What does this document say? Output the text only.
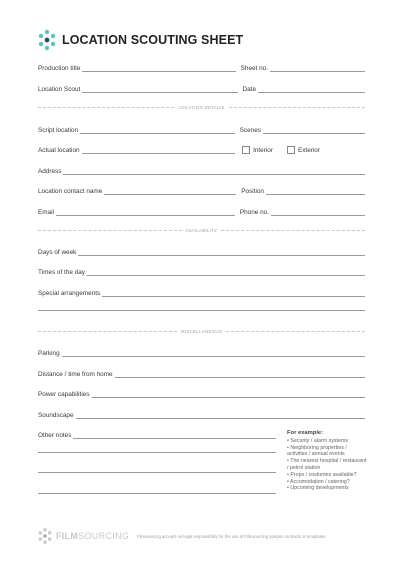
LOCATION SCOUTING SHEET
Production title	Sheet no.
Location Scout	Date
LOCATION DETAILS
Script location	Scenes
Actual location	Interior	Exterior
Address
Location contact name	Position
Email	Phone no.
AVAILABILITY
Days of week
Times of the day
Special arrangements
MISCELLANEOUS
Parking
Distance / time from home
Power capabilities
Soundscape
Other notes	For example:
• Security / alarm systems
• Neighboring properties / activities / annual events
• The nearest hospital / restaurant / petrol station
• Props / costumes available?
• Accomodation / catering?
• Upcoming developments
FILMSOURCING Filmsourcing accepts no legal responsibility for the use of Filmsourcing sample contracts or templates.
